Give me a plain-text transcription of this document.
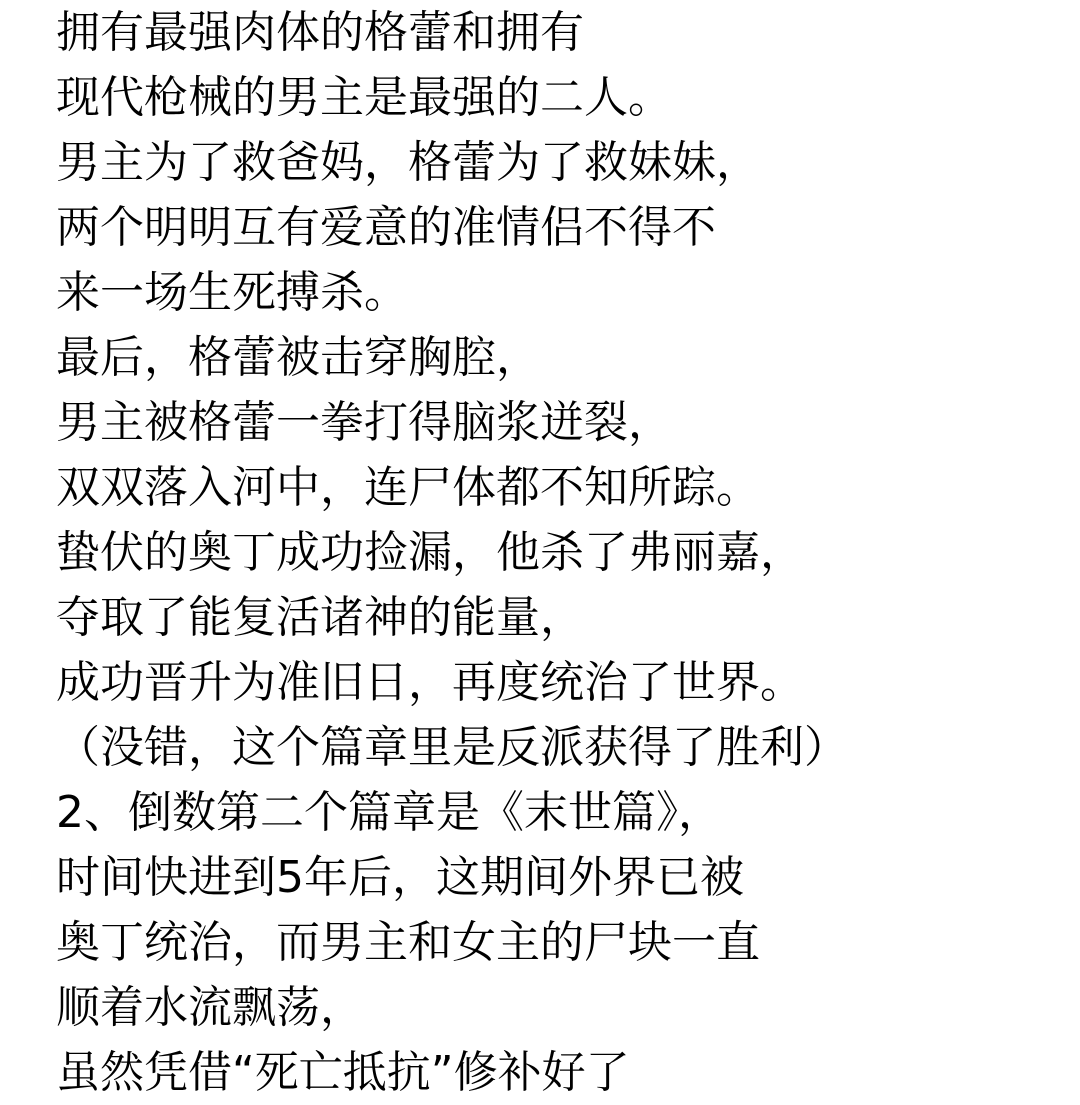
拥有最强肉体的格蕾和拥有
现代枪械的男主是最强的二人。
男主为了救爸妈，格蕾为了救妹妹，
两个明明互有爱意的准情侣不得不
来一场生死搏杀。
最后，格蕾被击穿胸腔，
男主被格蕾一拳打得脑浆迸裂，
双双落入河中，连尸体都不知所踪。
蛰伏的奥丁成功捡漏，他杀了弗丽嘉，
夺取了能复活诸神的能量，
成功晋升为准旧日，再度统治了世界。
（没错，这个篇章里是反派获得了胜利）
2、倒数第二个篇章是《末世篇》，
时间快进到5年后，这期间外界已被
奥丁统治，而男主和女主的尸块一直
顺着水流飘荡，
虽然凭借“死亡抵抗”修补好了
